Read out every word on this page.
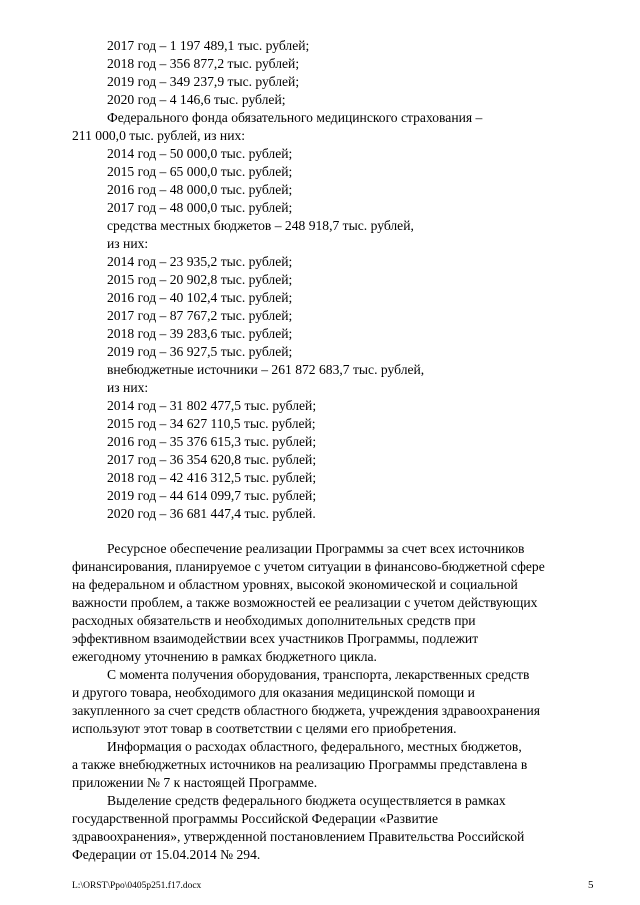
2017 год – 1 197 489,1 тыс. рублей;
2018 год – 356 877,2 тыс. рублей;
2019 год – 349 237,9 тыс. рублей;
2020 год – 4 146,6 тыс. рублей;
Федерального фонда обязательного медицинского страхования –
211 000,0 тыс. рублей, из них:
2014 год – 50 000,0 тыс. рублей;
2015 год – 65 000,0 тыс. рублей;
2016 год – 48 000,0 тыс. рублей;
2017 год – 48 000,0 тыс. рублей;
средства местных бюджетов – 248 918,7 тыс. рублей,
из них:
2014 год – 23 935,2 тыс. рублей;
2015 год – 20 902,8 тыс. рублей;
2016 год – 40 102,4 тыс. рублей;
2017 год – 87 767,2 тыс. рублей;
2018 год – 39 283,6 тыс. рублей;
2019 год – 36 927,5 тыс. рублей;
внебюджетные источники – 261 872 683,7 тыс. рублей,
из них:
2014 год – 31 802 477,5 тыс. рублей;
2015 год – 34 627 110,5 тыс. рублей;
2016 год – 35 376 615,3 тыс. рублей;
2017 год – 36 354 620,8 тыс. рублей;
2018 год – 42 416 312,5 тыс. рублей;
2019 год – 44 614 099,7 тыс. рублей;
2020 год – 36 681 447,4 тыс. рублей.
Ресурсное обеспечение реализации Программы за счет всех источников
финансирования, планируемое с учетом ситуации в финансово-бюджетной сфере
на федеральном и областном уровнях, высокой экономической и социальной
важности проблем, а также возможностей ее реализации с учетом действующих
расходных обязательств и необходимых дополнительных средств при
эффективном взаимодействии всех участников Программы, подлежит
ежегодному уточнению в рамках бюджетного цикла.
С момента получения оборудования, транспорта, лекарственных средств
и другого товара, необходимого для оказания медицинской помощи и
закупленного за счет средств областного бюджета, учреждения здравоохранения
используют этот товар в соответствии с целями его приобретения.
Информация о расходах областного, федерального, местных бюджетов,
а также внебюджетных источников на реализацию Программы представлена в
приложении № 7 к настоящей Программе.
Выделение средств федерального бюджета осуществляется в рамках
государственной программы Российской Федерации «Развитие
здравоохранения», утвержденной постановлением Правительства Российской
Федерации от 15.04.2014 № 294.
L:\ORST\Ppo\0405p251.f17.docx	5
